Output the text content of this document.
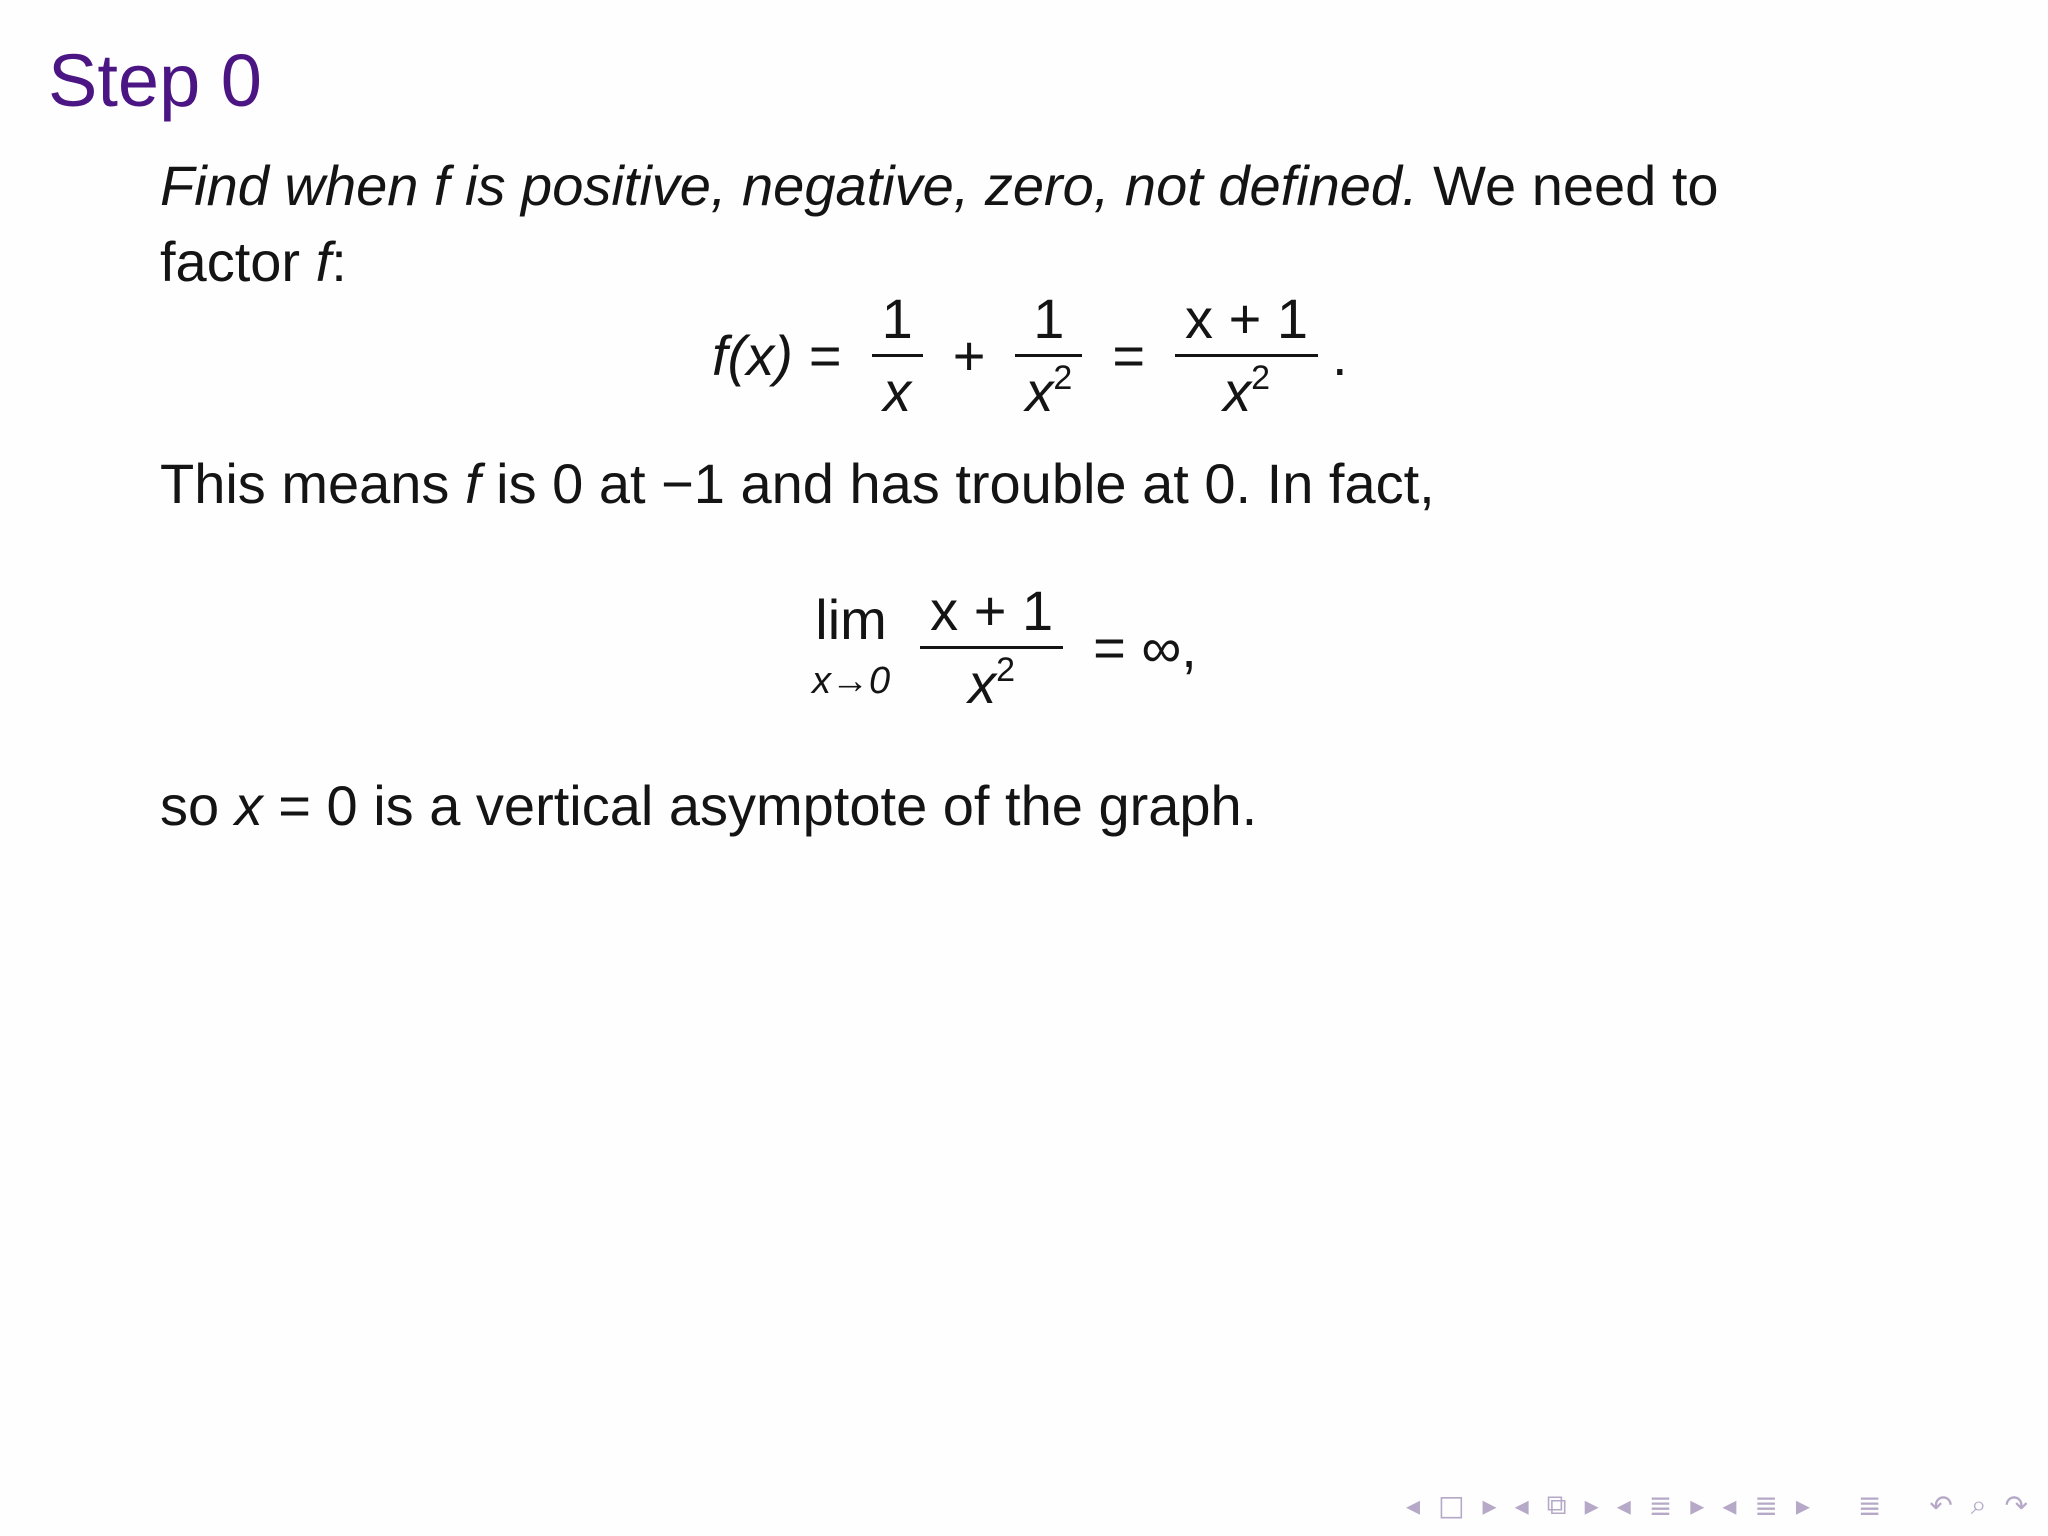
Step 0
Find when f is positive, negative, zero, not defined. We need to
factor f:
$f(x) = \frac{1}{x} + \frac{1}{x^2} = \frac{x + 1}{x^2}$ .
This means f is 0 at −1 and has trouble at 0. In fact,
lim
$x\to 0 \frac{x + 1}{x^2}$ = ∞,
so x = 0 is a vertical asymptote of the graph.
◂ □ ▸ ◂ ⧉ ▸ ◂ ≣ ▸ ◂ ≣ ▸ ≣ ↶ ⌕ ↷
